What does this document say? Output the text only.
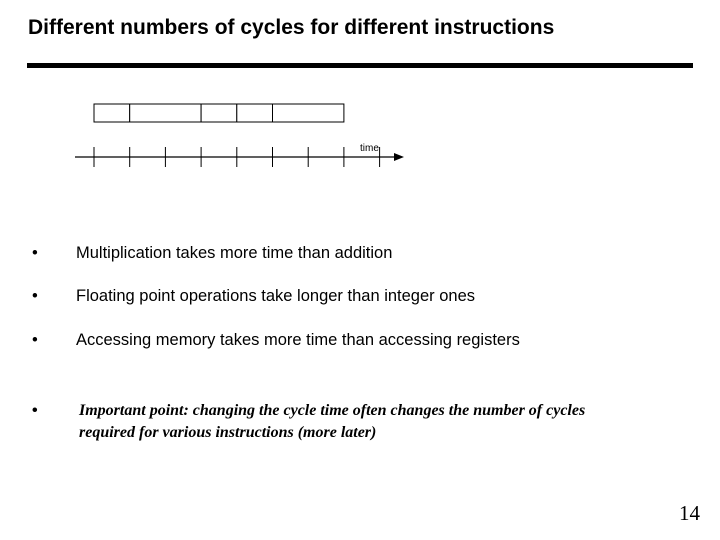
Different numbers of cycles for different instructions
time
• Multiplication takes more time than addition
• Floating point operations take longer than integer ones
• Accessing memory takes more time than accessing registers
•	Important point: changing the cycle time often changes the number of cycles required for various instructions (more later)
14
